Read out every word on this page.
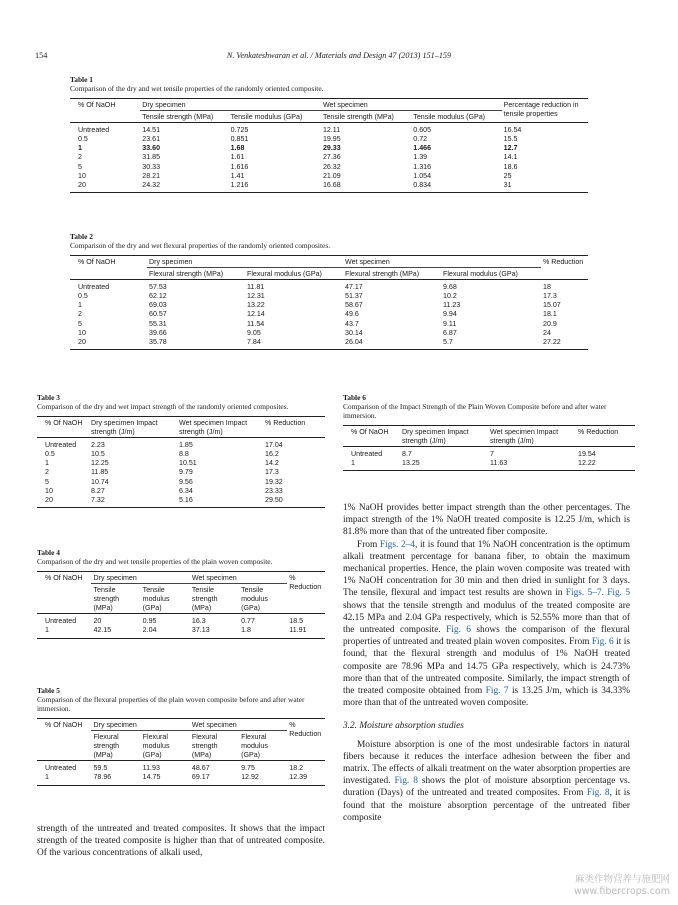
154	N. Venkateshwaran et al. / Materials and Design 47 (2013) 151–159
Table 1
Comparison of the dry and wet tensile properties of the randomly oriented composite.
% Of NaOH	Dry specimen		Wet specimen		Percentage reduction in tensile properties
	Tensile strength (MPa)	Tensile modulus (GPa)	Tensile strength (MPa)	Tensile modulus (GPa)	
Untreated	14.51	0.725	12.11	0.605	16.54
0.5	23.61	0.851	19.95	0.72	15.5
1	33.60	1.68	29.33	1.466	12.7
2	31.85	1.61	27.36	1.39	14.1
5	30.33	1.616	26.32	1.316	18.6
10	28.21	1.41	21.09	1.054	25
20	24.32	1.216	16.68	0.834	31
Table 2
Comparison of the dry and wet flexural properties of the randomly oriented composites.
% Of NaOH	Dry specimen		Wet specimen		% Reduction
	Flexural strength (MPa)	Flexural modulus (GPa)	Flexural strength (MPa)	Flexural modulus (GPa)	
Untreated	57.53	11.81	47.17	9.68	18
0.5	62.12	12.31	51.37	10.2	17.3
1	69.03	13.22	58.67	11.23	15.07
2	60.57	12.14	49.6	9.94	18.1
5	55.31	11.54	43.7	9.11	20.9
10	39.66	9.05	30.14	6.87	24
20	35.78	7.84	26.04	5.7	27.22
Table 3
Comparison of the dry and wet impact strength of the randomly oriented composites.
% Of NaOH	Dry specimen Impact strength (J/m)	Wet specimen Impact strength (J/m)	% Reduction
Untreated	2.23	1.85	17.04
0.5	10.5	8.8	16.2
1	12.25	10.51	14.2
2	11.85	9.79	17.3
5	10.74	9.56	19.32
10	8.27	6.34	23.33
20	7.32	5.16	29.50
Table 4
Comparison of the dry and wet tensile properties of the plain woven composite.
% Of NaOH	Dry specimen		Wet specimen		% Reduction
	Tensile strength (MPa)	Tensile modulus (GPa)	Tensile strength (MPa)	Tensile modulus (GPa)	
Untreated	20	0.95	16.3	0.77	18.5
1	42.15	2.04	37.13	1.8	11.91
Table 5
Comparison of the flexural properties of the plain woven composite before and after water immersion.
% Of NaOH	Dry specimen		Wet specimen		% Reduction
	Flexural strength (MPa)	Flexural modulus (GPa)	Flexural strength (MPa)	Flexural modulus (GPa)	
Untreated	59.5	11.93	48.67	9.75	18.2
1	78.96	14.75	69.17	12.92	12.39

strength of the untreated and treated composites. It shows that the impact strength of the treated composite is higher than that of untreated composite. Of the various concentrations of alkali used,

Table 6
Comparison of the Impact Strength of the Plain Woven Composite before and after water immersion.
% Of NaOH	Dry specimen Impact strength (J/m)	Wet specimen Impact strength (J/m)	% Reduction
Untreated	8.7	7	19.54
1	13.25	11.63	12.22

1% NaOH provides better impact strength than the other percentages. The impact strength of the 1% NaOH treated composite is 12.25 J/m, which is 81.8% more than that of the untreated fiber composite.

From Figs. 2–4, it is found that 1% NaOH concentration is the optimum alkali treatment percentage for banana fiber, to obtain the maximum mechanical properties. Hence, the plain woven composite was treated with 1% NaOH concentration for 30 min and then dried in sunlight for 3 days. The tensile, flexural and impact test results are shown in Figs. 5–7. Fig. 5 shows that the tensile strength and modulus of the treated composite are 42.15 MPa and 2.04 GPa respectively, which is 52.55% more than that of the untreated composite. Fig. 6 shows the comparison of the flexural properties of untreated and treated plain woven composites. From Fig. 6 it is found, that the flexural strength and modulus of 1% NaOH treated composite are 78.96 MPa and 14.75 GPa respectively, which is 24.73% more than that of the untreated composite. Similarly, the impact strength of the treated composite obtained from Fig. 7 is 13.25 J/m, which is 34.33% more than that of the untreated woven composite.

3.2. Moisture absorption studies

Moisture absorption is one of the most undesirable factors in natural fibers because it reduces the interface adhesion between the fiber and matrix. The effects of alkali treatment on the water absorption properties are investigated. Fig. 8 shows the plot of moisture absorption percentage vs. duration (Days) of the untreated and treated composites. From Fig. 8, it is found that the moisture absorption percentage of the untreated fiber composite

麻类作物营养与施肥网
www.fibercrops.com
